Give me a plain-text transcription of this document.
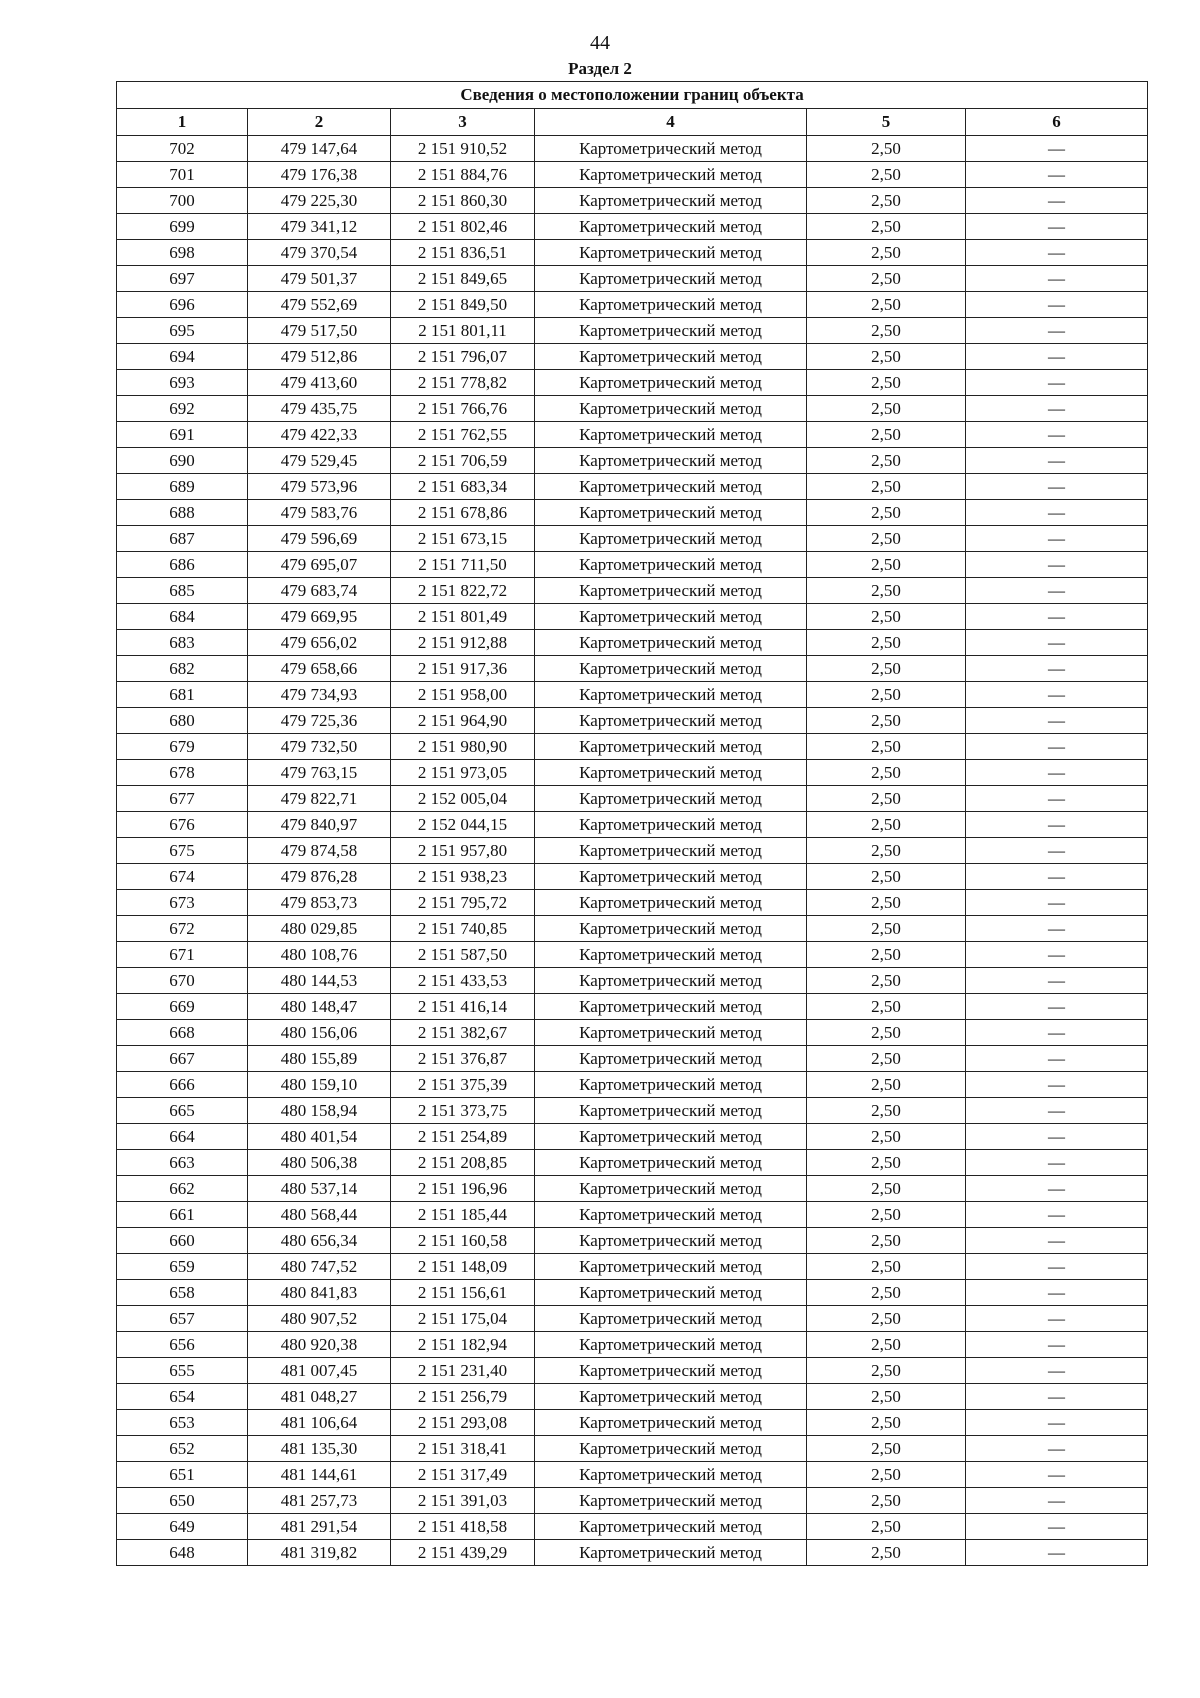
44
Раздел 2
Сведения о местоположении границ объекта					
1	2	3	4	5	6
702	479 147,64	2 151 910,52	Картометрический метод	2,50	—
701	479 176,38	2 151 884,76	Картометрический метод	2,50	—
700	479 225,30	2 151 860,30	Картометрический метод	2,50	—
699	479 341,12	2 151 802,46	Картометрический метод	2,50	—
698	479 370,54	2 151 836,51	Картометрический метод	2,50	—
697	479 501,37	2 151 849,65	Картометрический метод	2,50	—
696	479 552,69	2 151 849,50	Картометрический метод	2,50	—
695	479 517,50	2 151 801,11	Картометрический метод	2,50	—
694	479 512,86	2 151 796,07	Картометрический метод	2,50	—
693	479 413,60	2 151 778,82	Картометрический метод	2,50	—
692	479 435,75	2 151 766,76	Картометрический метод	2,50	—
691	479 422,33	2 151 762,55	Картометрический метод	2,50	—
690	479 529,45	2 151 706,59	Картометрический метод	2,50	—
689	479 573,96	2 151 683,34	Картометрический метод	2,50	—
688	479 583,76	2 151 678,86	Картометрический метод	2,50	—
687	479 596,69	2 151 673,15	Картометрический метод	2,50	—
686	479 695,07	2 151 711,50	Картометрический метод	2,50	—
685	479 683,74	2 151 822,72	Картометрический метод	2,50	—
684	479 669,95	2 151 801,49	Картометрический метод	2,50	—
683	479 656,02	2 151 912,88	Картометрический метод	2,50	—
682	479 658,66	2 151 917,36	Картометрический метод	2,50	—
681	479 734,93	2 151 958,00	Картометрический метод	2,50	—
680	479 725,36	2 151 964,90	Картометрический метод	2,50	—
679	479 732,50	2 151 980,90	Картометрический метод	2,50	—
678	479 763,15	2 151 973,05	Картометрический метод	2,50	—
677	479 822,71	2 152 005,04	Картометрический метод	2,50	—
676	479 840,97	2 152 044,15	Картометрический метод	2,50	—
675	479 874,58	2 151 957,80	Картометрический метод	2,50	—
674	479 876,28	2 151 938,23	Картометрический метод	2,50	—
673	479 853,73	2 151 795,72	Картометрический метод	2,50	—
672	480 029,85	2 151 740,85	Картометрический метод	2,50	—
671	480 108,76	2 151 587,50	Картометрический метод	2,50	—
670	480 144,53	2 151 433,53	Картометрический метод	2,50	—
669	480 148,47	2 151 416,14	Картометрический метод	2,50	—
668	480 156,06	2 151 382,67	Картометрический метод	2,50	—
667	480 155,89	2 151 376,87	Картометрический метод	2,50	—
666	480 159,10	2 151 375,39	Картометрический метод	2,50	—
665	480 158,94	2 151 373,75	Картометрический метод	2,50	—
664	480 401,54	2 151 254,89	Картометрический метод	2,50	—
663	480 506,38	2 151 208,85	Картометрический метод	2,50	—
662	480 537,14	2 151 196,96	Картометрический метод	2,50	—
661	480 568,44	2 151 185,44	Картометрический метод	2,50	—
660	480 656,34	2 151 160,58	Картометрический метод	2,50	—
659	480 747,52	2 151 148,09	Картометрический метод	2,50	—
658	480 841,83	2 151 156,61	Картометрический метод	2,50	—
657	480 907,52	2 151 175,04	Картометрический метод	2,50	—
656	480 920,38	2 151 182,94	Картометрический метод	2,50	—
655	481 007,45	2 151 231,40	Картометрический метод	2,50	—
654	481 048,27	2 151 256,79	Картометрический метод	2,50	—
653	481 106,64	2 151 293,08	Картометрический метод	2,50	—
652	481 135,30	2 151 318,41	Картометрический метод	2,50	—
651	481 144,61	2 151 317,49	Картометрический метод	2,50	—
650	481 257,73	2 151 391,03	Картометрический метод	2,50	—
649	481 291,54	2 151 418,58	Картометрический метод	2,50	—
648	481 319,82	2 151 439,29	Картометрический метод	2,50	—
